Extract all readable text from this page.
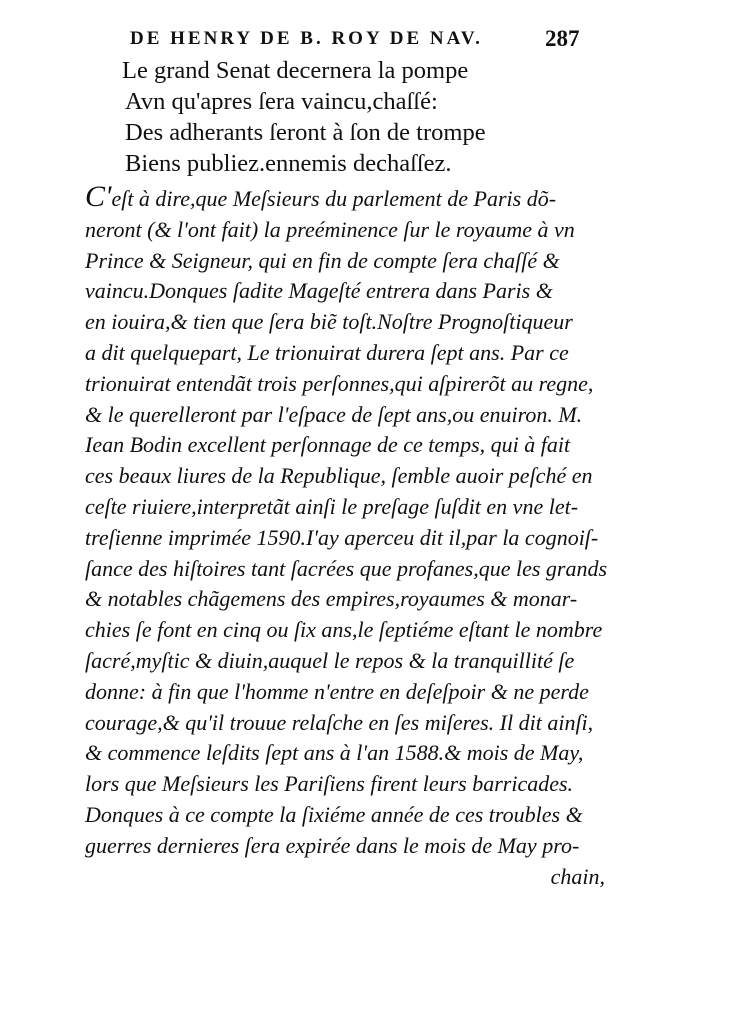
DE HENRY DE B. ROY DE NAV.	287
Le grand Senat decernera la pompe
Avn qu'apres ſera vaincu,chaſſé:
Des adherants ſeront à ſon de trompe
Biens publiez.ennemis dechaſſez.
C'eſt à dire,que Meſsieurs du parlement de Paris dõ-
neront (& l'ont fait) la preéminence ſur le royaume à vn
Prince & Seigneur, qui en fin de compte ſera chaſſé &
vaincu.Donques ſadite Mageſté entrera dans Paris &
en iouira,& tien que ſera biẽ toſt.Noſtre Prognoſtiqueur
a dit quelquepart, Le trionuirat durera ſept ans. Par ce
trionuirat entendãt trois perſonnes,qui aſpirerõt au regne,
& le querelleront par l'eſpace de ſept ans,ou enuiron. M.
Iean Bodin excellent perſonnage de ce temps, qui à fait
ces beaux liures de la Republique, ſemble auoir peſché en
ceſte riuiere,interpretãt ainſi le preſage ſuſdit en vne let-
treſienne imprimée 1590.I'ay aperceu dit il,par la cognoiſ-
ſance des hiſtoires tant ſacrées que profanes,que les grands
& notables chãgemens des empires,royaumes & monar-
chies ſe font en cinq ou ſix ans,le ſeptiéme eſtant le nombre
ſacré,myſtic & diuin,auquel le repos & la tranquillité ſe
donne: à fin que l'homme n'entre en deſeſpoir & ne perde
courage,& qu'il trouue relaſche en ſes miſeres. Il dit ainſi,
& commence leſdits ſept ans à l'an 1588.& mois de May,
lors que Meſsieurs les Pariſiens firent leurs barricades.
Donques à ce compte la ſixiéme année de ces troubles &
guerres dernieres ſera expirée dans le mois de May pro-
chain,
